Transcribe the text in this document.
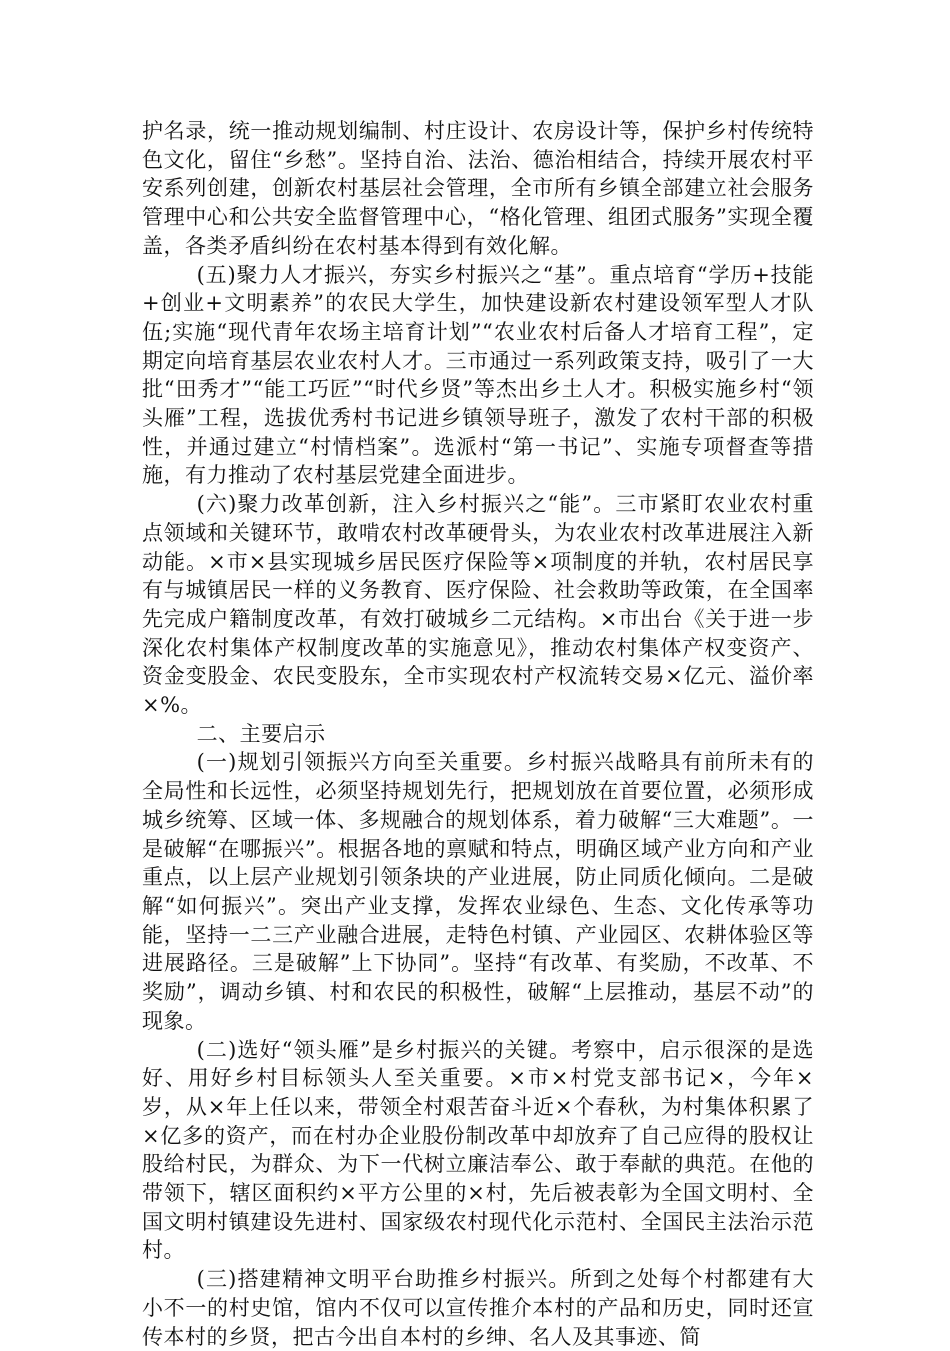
护名录，统一推动规划编制、村庄设计、农房设计等，保护乡村传统特色文化，留住“乡愁”。坚持自治、法治、德治相结合，持续开展农村平安系列创建，创新农村基层社会管理，全市所有乡镇全部建立社会服务管理中心和公共安全监督管理中心，“格化管理、组团式服务”实现全覆盖，各类矛盾纠纷在农村基本得到有效化解。

(五)聚力人才振兴，夯实乡村振兴之“基”。重点培育“学历+技能+创业+文明素养”的农民大学生，加快建设新农村建设领军型人才队伍;实施“现代青年农场主培育计划”“农业农村后备人才培育工程”，定期定向培育基层农业农村人才。三市通过一系列政策支持，吸引了一大批“田秀才”“能工巧匠”“时代乡贤”等杰出乡土人才。积极实施乡村“领头雁”工程，选拔优秀村书记进乡镇领导班子，激发了农村干部的积极性，并通过建立“村情档案”。选派村“第一书记”、实施专项督查等措施，有力推动了农村基层党建全面进步。

(六)聚力改革创新，注入乡村振兴之“能”。三市紧盯农业农村重点领域和关键环节，敢啃农村改革硬骨头，为农业农村改革进展注入新动能。×市×县实现城乡居民医疗保险等×项制度的并轨，农村居民享有与城镇居民一样的义务教育、医疗保险、社会救助等政策，在全国率先完成户籍制度改革，有效打破城乡二元结构。×市出台《关于进一步深化农村集体产权制度改革的实施意见》，推动农村集体产权变资产、资金变股金、农民变股东，全市实现农村产权流转交易×亿元、溢价率×%。

二、主要启示

(一)规划引领振兴方向至关重要。乡村振兴战略具有前所未有的全局性和长远性，必须坚持规划先行，把规划放在首要位置，必须形成城乡统筹、区域一体、多规融合的规划体系，着力破解“三大难题”。一是破解“在哪振兴”。根据各地的禀赋和特点，明确区域产业方向和产业重点，以上层产业规划引领条块的产业进展，防止同质化倾向。二是破解“如何振兴”。突出产业支撑，发挥农业绿色、生态、文化传承等功能，坚持一二三产业融合进展，走特色村镇、产业园区、农耕体验区等进展路径。三是破解”上下协同”。坚持“有改革、有奖励，不改革、不奖励”，调动乡镇、村和农民的积极性，破解“上层推动，基层不动”的现象。

(二)选好“领头雁”是乡村振兴的关键。考察中，启示很深的是选好、用好乡村目标领头人至关重要。×市×村党支部书记×，今年×岁，从×年上任以来，带领全村艰苦奋斗近×个春秋，为村集体积累了×亿多的资产，而在村办企业股份制改革中却放弃了自己应得的股权让股给村民，为群众、为下一代树立廉洁奉公、敢于奉献的典范。在他的带领下，辖区面积约×平方公里的×村，先后被表彰为全国文明村、全国文明村镇建设先进村、国家级农村现代化示范村、全国民主法治示范村。

(三)搭建精神文明平台助推乡村振兴。所到之处每个村都建有大小不一的村史馆，馆内不仅可以宣传推介本村的产品和历史，同时还宣传本村的乡贤，把古今出自本村的乡绅、名人及其事迹、简
